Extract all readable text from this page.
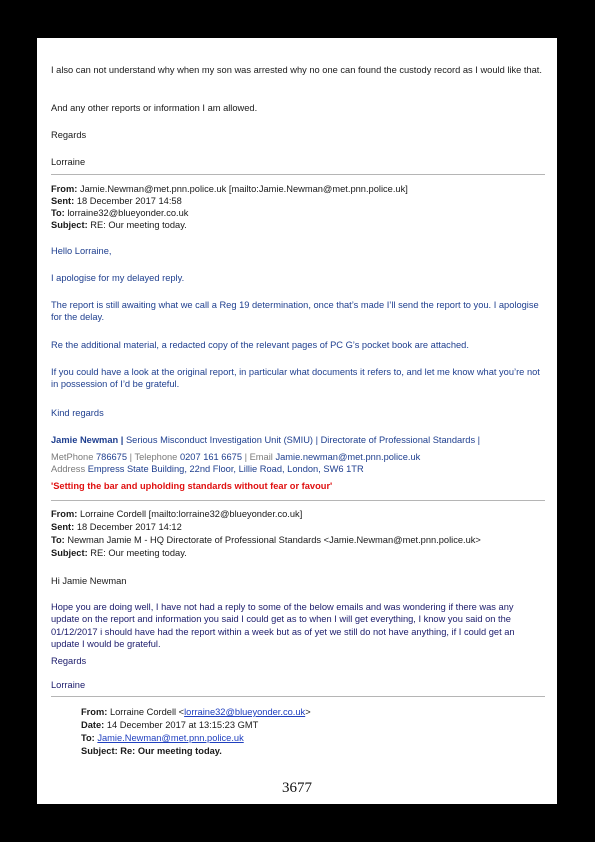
I also can not understand why when my son was arrested why no one can found the custody record as I would like that.

And any other reports or information I am allowed.

Regards

Lorraine

From: Jamie.Newman@met.pnn.police.uk [mailto:Jamie.Newman@met.pnn.police.uk]

Sent: 18 December 2017 14:58

To: lorraine32@blueyonder.co.uk

Subject: RE: Our meeting today.

Hello Lorraine,

I apologise for my delayed reply.

The report is still awaiting what we call a Reg 19 determination, once that’s made I’ll send the report to you. I apologise for the delay.

Re the additional material, a redacted copy of the relevant pages of PC G’s pocket book are attached.

If you could have a look at the original report, in particular what documents it refers to, and let me know what you’re not in possession of I’d be grateful.

Kind regards

Jamie Newman | Serious Misconduct Investigation Unit (SMIU) | Directorate of Professional Standards |

MetPhone 786675 | Telephone 0207 161 6675 | Email Jamie.newman@met.pnn.police.uk

Address Empress State Building, 22nd Floor, Lillie Road, London, SW6 1TR

'Setting the bar and upholding standards without fear or favour'

From: Lorraine Cordell [mailto:lorraine32@blueyonder.co.uk]

Sent: 18 December 2017 14:12

To: Newman Jamie M - HQ Directorate of Professional Standards <Jamie.Newman@met.pnn.police.uk>

Subject: RE: Our meeting today.

Hi Jamie Newman

Hope you are doing well, I have not had a reply to some of the below emails and was wondering if there was any update on the report and information you said I could get as to when I will get everything, I know you said on the 01/12/2017 i should have had the report within a week but as of yet we still do not have anything, if I could get an update I would be grateful.

Regards

Lorraine

From: Lorraine Cordell <lorraine32@blueyonder.co.uk>

Date: 14 December 2017 at 13:15:23 GMT

To: Jamie.Newman@met.pnn.police.uk

Subject: Re: Our meeting today.

3677
